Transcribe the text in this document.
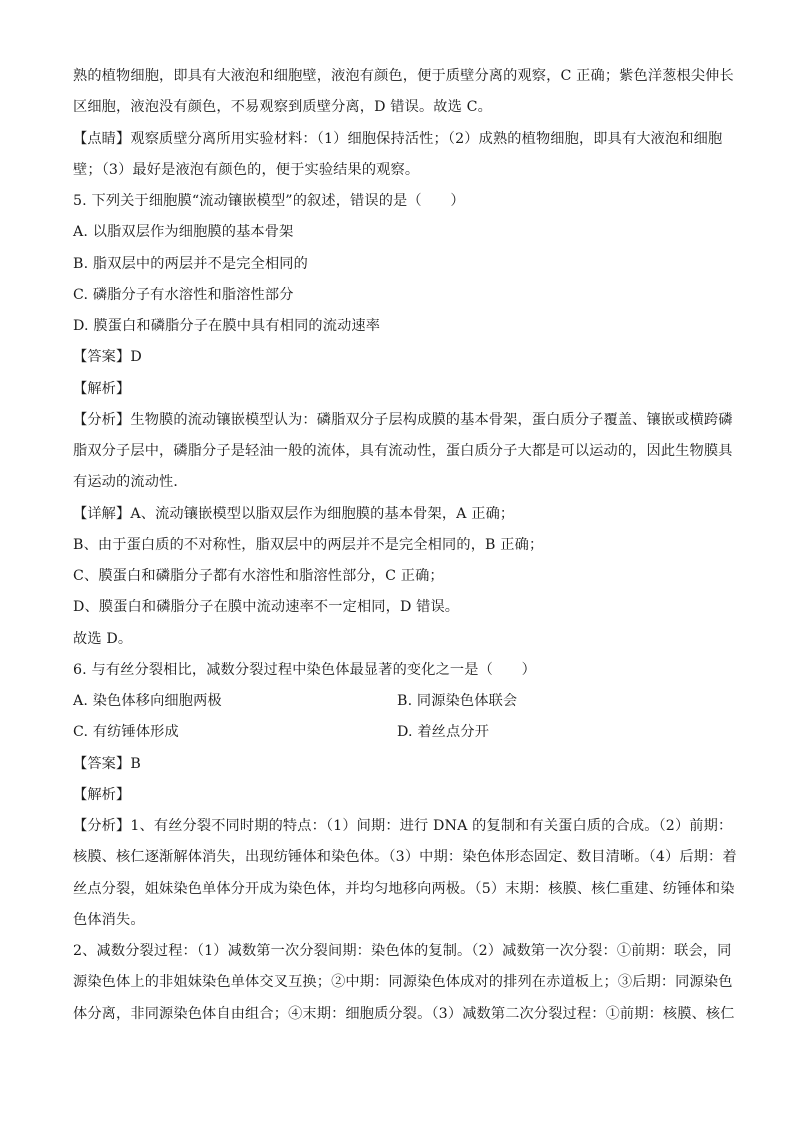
熟的植物细胞，即具有大液泡和细胞壁，液泡有颜色，便于质壁分离的观察，C 正确；紫色洋葱根尖伸长
区细胞，液泡没有颜色，不易观察到质壁分离，D 错误。故选 C。
【点睛】观察质壁分离所用实验材料：（1）细胞保持活性；（2）成熟的植物细胞，即具有大液泡和细胞
壁；（3）最好是液泡有颜色的，便于实验结果的观察。
5. 下列关于细胞膜“流动镶嵌模型”的叙述，错误的是（　　）
A. 以脂双层作为细胞膜的基本骨架
B. 脂双层中的两层并不是完全相同的
C. 磷脂分子有水溶性和脂溶性部分
D. 膜蛋白和磷脂分子在膜中具有相同的流动速率
【答案】D
【解析】
【分析】生物膜的流动镶嵌模型认为：磷脂双分子层构成膜的基本骨架，蛋白质分子覆盖、镶嵌或横跨磷
脂双分子层中，磷脂分子是轻油一般的流体，具有流动性，蛋白质分子大都是可以运动的，因此生物膜具
有运动的流动性．
【详解】A、流动镶嵌模型以脂双层作为细胞膜的基本骨架，A 正确；
B、由于蛋白质的不对称性，脂双层中的两层并不是完全相同的，B 正确；
C、膜蛋白和磷脂分子都有水溶性和脂溶性部分，C 正确；
D、膜蛋白和磷脂分子在膜中流动速率不一定相同，D 错误。
故选 D。
6. 与有丝分裂相比，减数分裂过程中染色体最显著的变化之一是（　　）
A. 染色体移向细胞两极	B. 同源染色体联会
C. 有纺锤体形成	D. 着丝点分开
【答案】B
【解析】
【分析】1、有丝分裂不同时期的特点：（1）间期：进行 DNA 的复制和有关蛋白质的合成。（2）前期：
核膜、核仁逐渐解体消失，出现纺锤体和染色体。（3）中期：染色体形态固定、数目清晰。（4）后期：着
丝点分裂，姐妹染色单体分开成为染色体，并均匀地移向两极。（5）末期：核膜、核仁重建、纺锤体和染
色体消失。
2、减数分裂过程：（1）减数第一次分裂间期：染色体的复制。（2）减数第一次分裂：①前期：联会，同
源染色体上的非姐妹染色单体交叉互换；②中期：同源染色体成对的排列在赤道板上；③后期：同源染色
体分离，非同源染色体自由组合；④末期：细胞质分裂。（3）减数第二次分裂过程：①前期：核膜、核仁
